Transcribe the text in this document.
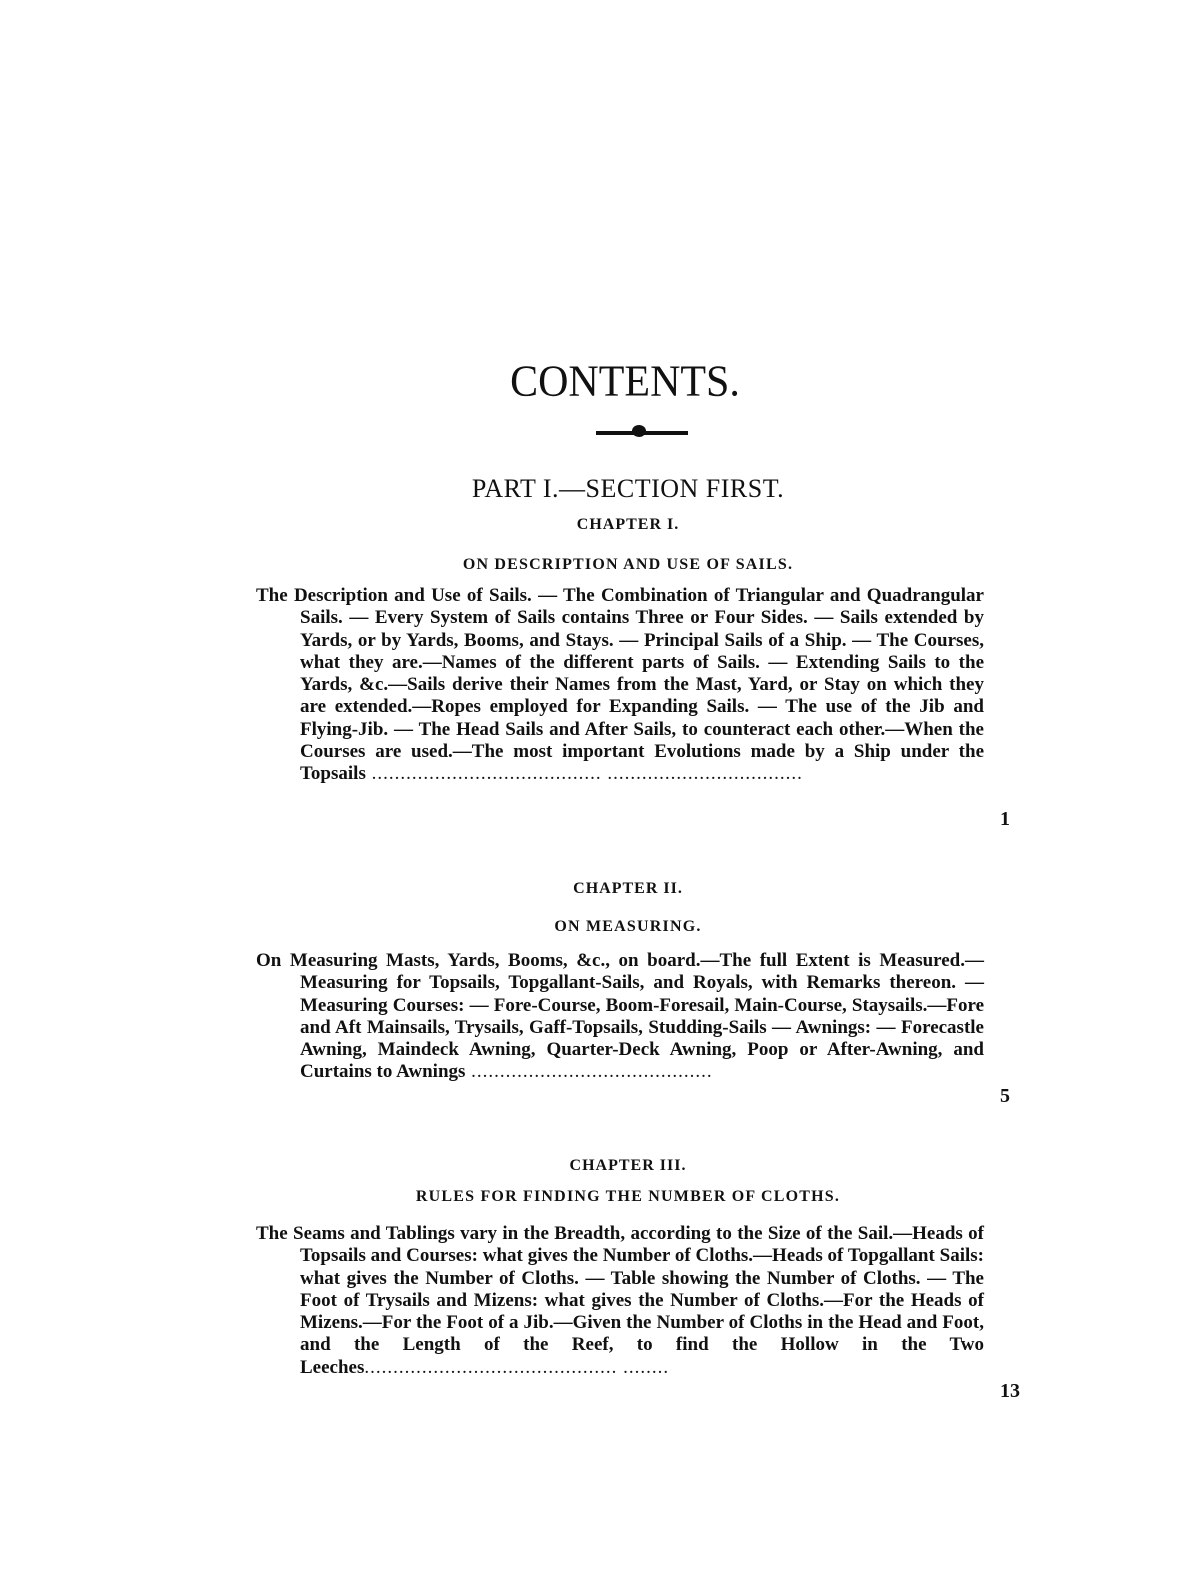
CONTENTS.
PART I.—SECTION FIRST.
CHAPTER I.
ON DESCRIPTION AND USE OF SAILS.
The Description and Use of Sails. — The Combination of Triangular and Quadrangular Sails. — Every System of Sails contains Three or Four Sides. — Sails extended by Yards, or by Yards, Booms, and Stays. — Principal Sails of a Ship. — The Courses, what they are.—Names of the different parts of Sails. — Extending Sails to the Yards, &c.—Sails derive their Names from the Mast, Yard, or Stay on which they are extended.—Ropes employed for Expanding Sails. — The use of the Jib and Flying-Jib. — The Head Sails and After Sails, to counteract each other.—When the Courses are used.—The most important Evolutions made by a Ship under the Topsails ........................................ ..................................
1
CHAPTER II.
ON MEASURING.
On Measuring Masts, Yards, Booms, &c., on board.—The full Extent is Measured.—Measuring for Topsails, Topgallant-Sails, and Royals, with Remarks thereon. — Measuring Courses: — Fore-Course, Boom-Foresail, Main-Course, Staysails.—Fore and Aft Mainsails, Trysails, Gaff-Topsails, Studding-Sails — Awnings: — Forecastle Awning, Maindeck Awning, Quarter-Deck Awning, Poop or After-Awning, and Curtains to Awnings ..........................................
5
CHAPTER III.
RULES FOR FINDING THE NUMBER OF CLOTHS.
The Seams and Tablings vary in the Breadth, according to the Size of the Sail.—Heads of Topsails and Courses: what gives the Number of Cloths.—Heads of Topgallant Sails: what gives the Number of Cloths. — Table showing the Number of Cloths. — The Foot of Trysails and Mizens: what gives the Number of Cloths.—For the Heads of Mizens.—For the Foot of a Jib.—Given the Number of Cloths in the Head and Foot, and the Length of the Reef, to find the Hollow in the Two Leeches............................................ ........
13
